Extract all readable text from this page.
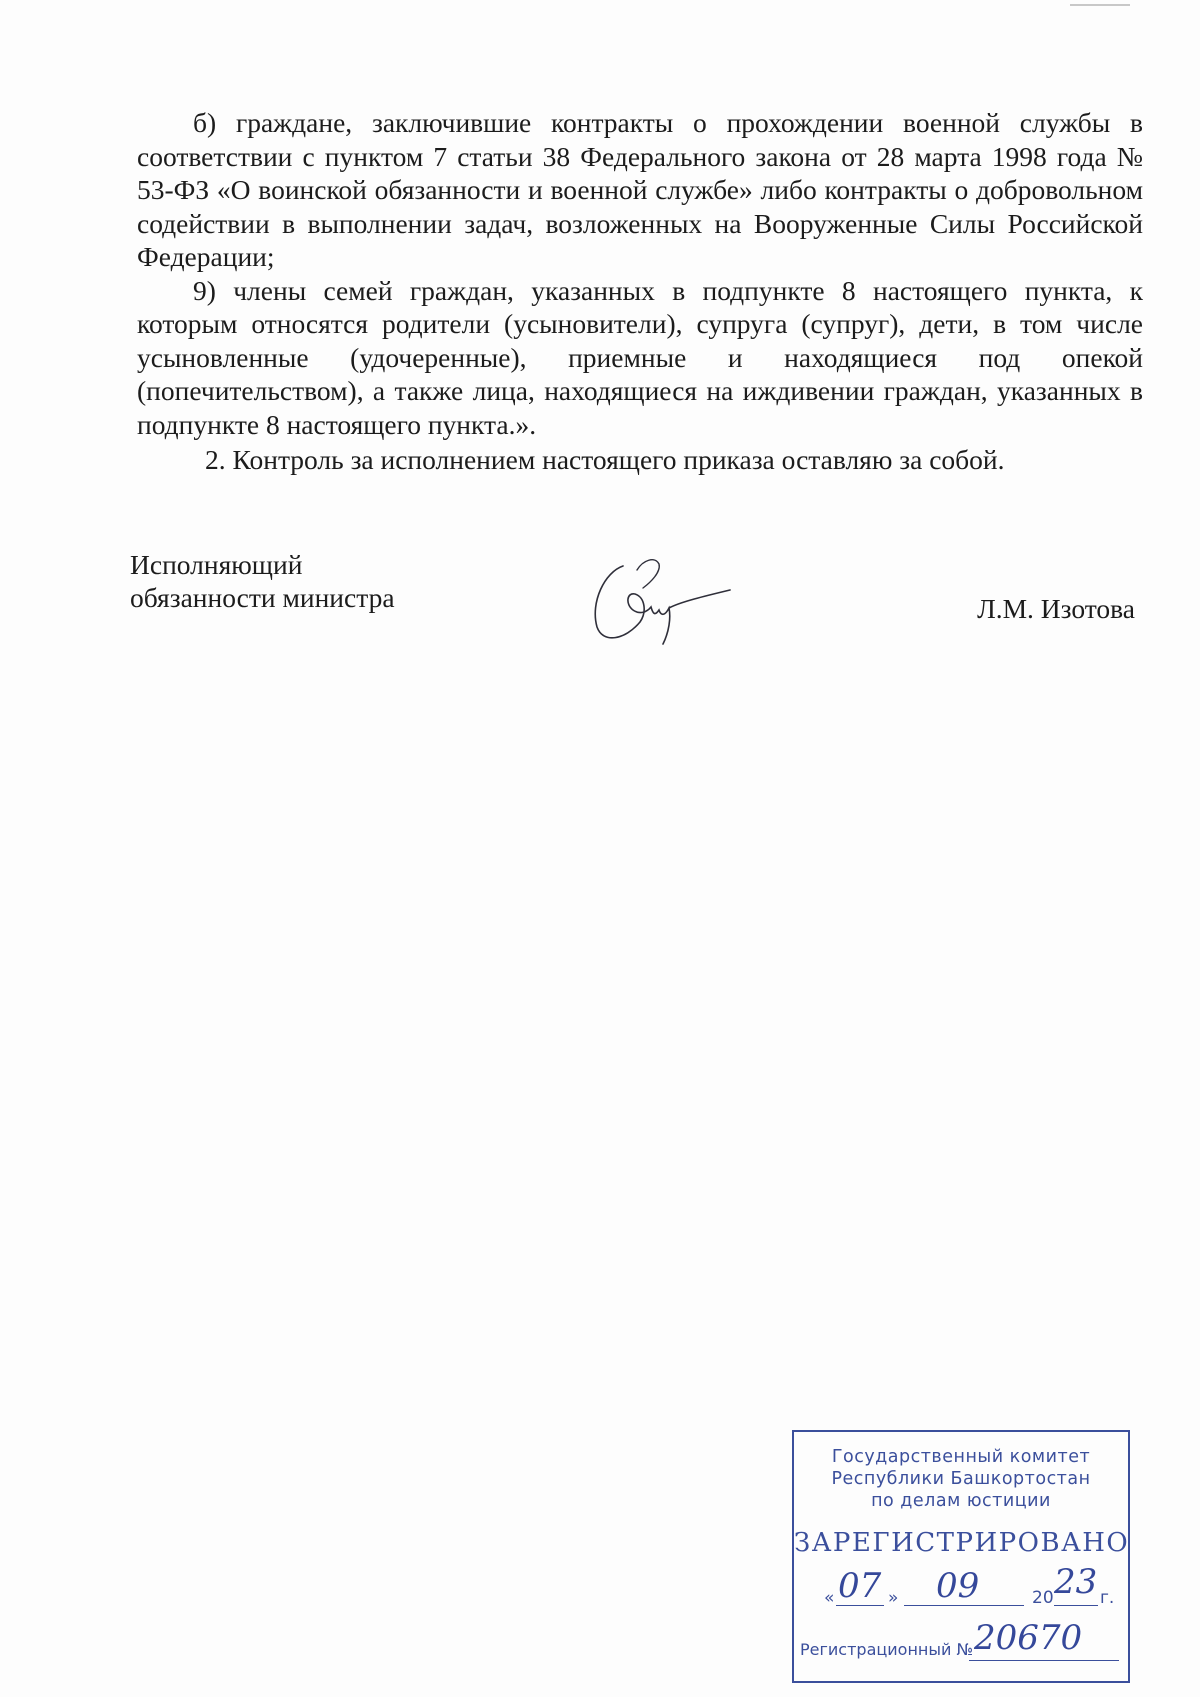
б) граждане, заключившие контракты о прохождении военной службы в соответствии с пунктом 7 статьи 38 Федерального закона от 28 марта 1998 года № 53-ФЗ «О воинской обязанности и военной службе» либо контракты о добровольном содействии в выполнении задач, возложенных на Вооруженные Силы Российской Федерации;

9) члены семей граждан, указанных в подпункте 8 настоящего пункта, к которым относятся родители (усыновители), супруга (супруг), дети, в том числе усыновленные (удочеренные), приемные и находящиеся под опекой (попечительством), а также лица, находящиеся на иждивении граждан, указанных в подпункте 8 настоящего пункта.».

2. Контроль за исполнением настоящего приказа оставляю за собой.

Исполняющий
обязанности министра	Л.М. Изотова
Государственный комитет
Республики Башкортостан
по делам юстиции
ЗАРЕГИСТРИРОВАНО
« 07 » 09	20 23 г.
Регистрационный № 20670
